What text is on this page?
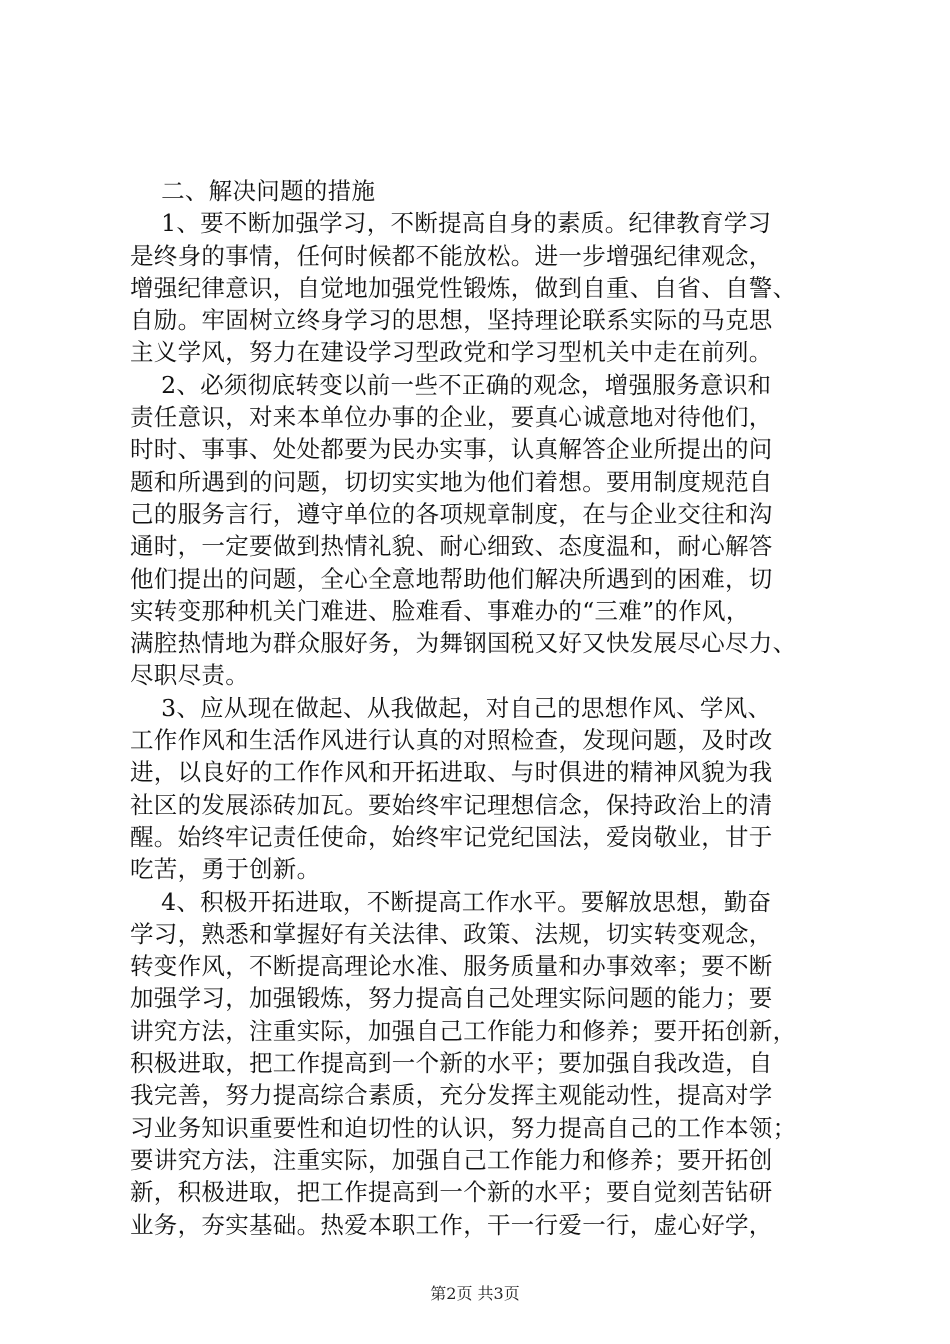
二、解决问题的措施
1、要不断加强学习，不断提高自身的素质。纪律教育学习
是终身的事情，任何时候都不能放松。进一步增强纪律观念，
增强纪律意识，自觉地加强党性锻炼，做到自重、自省、自警、
自励。牢固树立终身学习的思想，坚持理论联系实际的马克思
主义学风，努力在建设学习型政党和学习型机关中走在前列。
2、必须彻底转变以前一些不正确的观念，增强服务意识和
责任意识，对来本单位办事的企业，要真心诚意地对待他们，
时时、事事、处处都要为民办实事，认真解答企业所提出的问
题和所遇到的问题，切切实实地为他们着想。要用制度规范自
己的服务言行，遵守单位的各项规章制度，在与企业交往和沟
通时，一定要做到热情礼貌、耐心细致、态度温和，耐心解答
他们提出的问题，全心全意地帮助他们解决所遇到的困难，切
实转变那种机关门难进、脸难看、事难办的“三难”的作风，
满腔热情地为群众服好务，为舞钢国税又好又快发展尽心尽力、
尽职尽责。
3、应从现在做起、从我做起，对自己的思想作风、学风、
工作作风和生活作风进行认真的对照检查，发现问题，及时改
进，以良好的工作作风和开拓进取、与时俱进的精神风貌为我
社区的发展添砖加瓦。要始终牢记理想信念，保持政治上的清
醒。始终牢记责任使命，始终牢记党纪国法，爱岗敬业，甘于
吃苦，勇于创新。
4、积极开拓进取，不断提高工作水平。要解放思想，勤奋
学习，熟悉和掌握好有关法律、政策、法规，切实转变观念，
转变作风，不断提高理论水准、服务质量和办事效率；要不断
加强学习，加强锻炼，努力提高自己处理实际问题的能力；要
讲究方法，注重实际，加强自己工作能力和修养；要开拓创新，
积极进取，把工作提高到一个新的水平；要加强自我改造，自
我完善，努力提高综合素质，充分发挥主观能动性，提高对学
习业务知识重要性和迫切性的认识，努力提高自己的工作本领；
要讲究方法，注重实际，加强自己工作能力和修养；要开拓创
新，积极进取，把工作提高到一个新的水平；要自觉刻苦钻研
业务，夯实基础。热爱本职工作，干一行爱一行，虚心好学，
第2页 共3页
